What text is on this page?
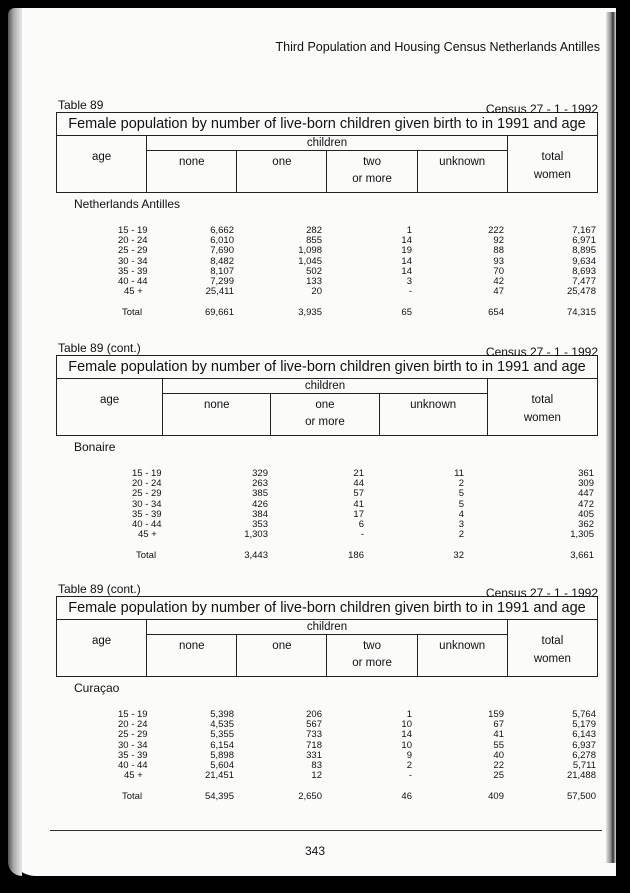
Third Population and Housing Census Netherlands Antilles
Table 89	Census 27 - 1 - 1992
Female population by number of live-born children given birth to in 1991 and age					
age	children				total
women
	none	one	two
or more	unknown	
Netherlands Antilles
15 - 19	6,662	282	1	222	7,167
20 - 24	6,010	855	14	92	6,971
25 - 29	7,690	1,098	19	88	8,895
30 - 34	8,482	1,045	14	93	9,634
35 - 39	8,107	502	14	70	8,693
40 - 44	7,299	133	3	42	7,477
45 +	25,411	20	-	47	25,478
Total	69,661	3,935	65	654	74,315
Table 89 (cont.)	Census 27 - 1 - 1992
Female population by number of live-born children given birth to in 1991 and age				
age	children			total
women
	none	one
or more	unknown	
Bonaire
15 - 19	329	21	11	361
20 - 24	263	44	2	309
25 - 29	385	57	5	447
30 - 34	426	41	5	472
35 - 39	384	17	4	405
40 - 44	353	6	3	362
45 +	1,303	-	2	1,305
Total	3,443	186	32	3,661
Table 89 (cont.)	Census 27 - 1 - 1992
Female population by number of live-born children given birth to in 1991 and age					
age	children				total
women
	none	one	two
or more	unknown	
Curaçao
15 - 19	5,398	206	1	159	5,764
20 - 24	4,535	567	10	67	5,179
25 - 29	5,355	733	14	41	6,143
30 - 34	6,154	718	10	55	6,937
35 - 39	5,898	331	9	40	6,278
40 - 44	5,604	83	2	22	5,711
45 +	21,451	12	-	25	21,488
Total	54,395	2,650	46	409	57,500
343
